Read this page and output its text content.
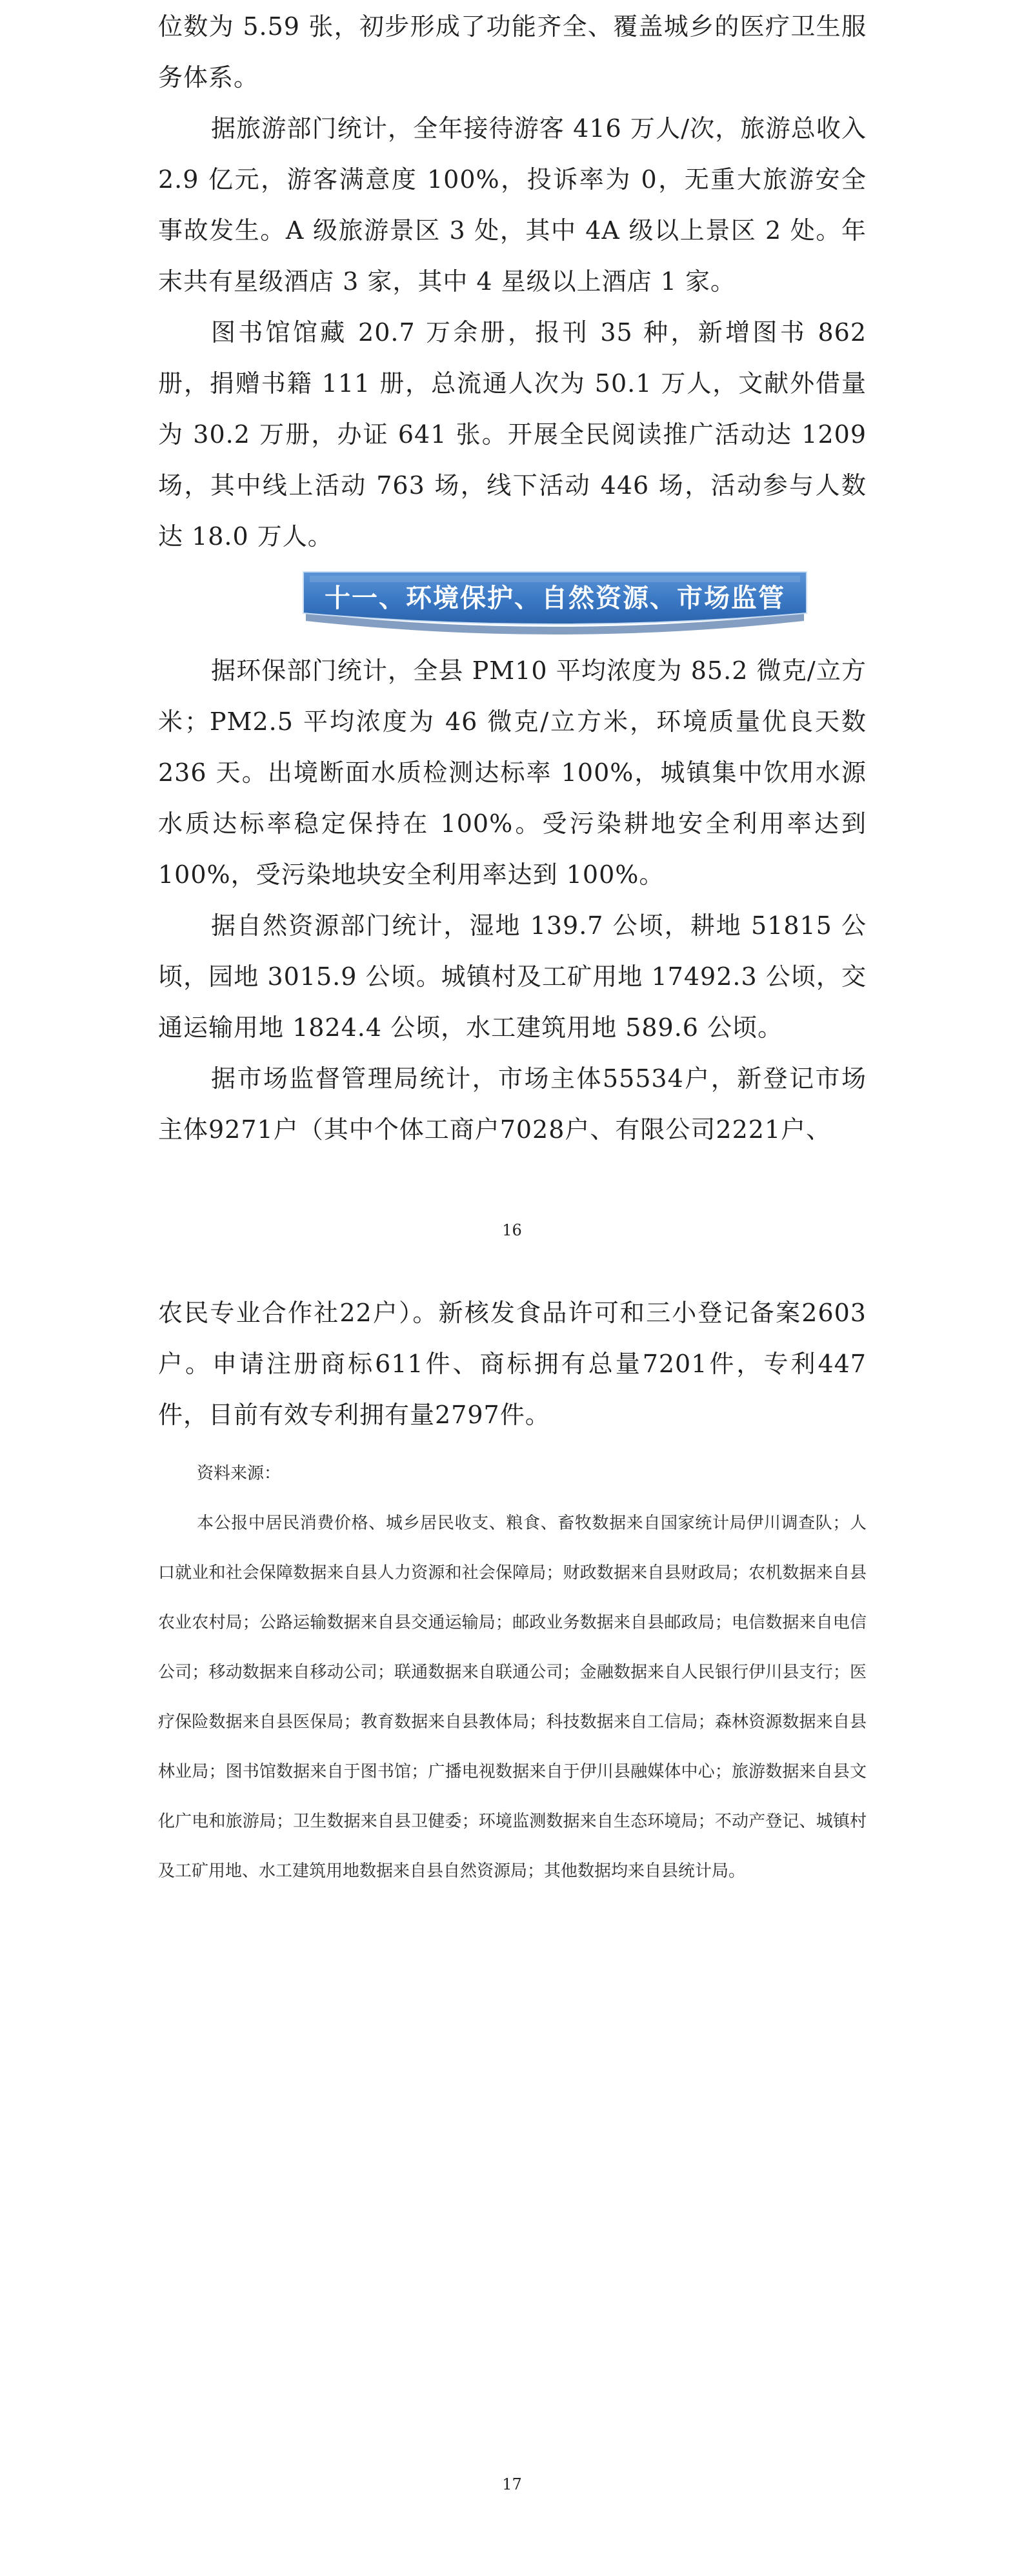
位数为 5.59 张，初步形成了功能齐全、覆盖城乡的医疗卫生服务体系。

据旅游部门统计，全年接待游客 416 万人/次，旅游总收入 2.9 亿元，游客满意度 100%，投诉率为 0，无重大旅游安全事故发生。A 级旅游景区 3 处，其中 4A 级以上景区 2 处。年末共有星级酒店 3 家，其中 4 星级以上酒店 1 家。

图书馆馆藏 20.7 万余册，报刊 35 种，新增图书 862 册，捐赠书籍 111 册，总流通人次为 50.1 万人，文献外借量为 30.2 万册，办证 641 张。开展全民阅读推广活动达 1209 场，其中线上活动 763 场，线下活动 446 场，活动参与人数达 18.0 万人。

十一、环境保护、自然资源、市场监管

据环保部门统计，全县 PM10 平均浓度为 85.2 微克/立方米；PM2.5 平均浓度为 46 微克/立方米，环境质量优良天数 236 天。出境断面水质检测达标率 100%，城镇集中饮用水源水质达标率稳定保持在 100%。受污染耕地安全利用率达到 100%，受污染地块安全利用率达到 100%。

据自然资源部门统计，湿地 139.7 公顷，耕地 51815 公顷，园地 3015.9 公顷。城镇村及工矿用地 17492.3 公顷，交通运输用地 1824.4 公顷，水工建筑用地 589.6 公顷。

据市场监督管理局统计，市场主体55534户，新登记市场主体9271户（其中个体工商户7028户、有限公司2221户、

16

农民专业合作社22户）。新核发食品许可和三小登记备案2603户。申请注册商标611件、商标拥有总量7201件，专利447件，目前有效专利拥有量2797件。

资料来源：

本公报中居民消费价格、城乡居民收支、粮食、畜牧数据来自国家统计局伊川调查队；人口就业和社会保障数据来自县人力资源和社会保障局；财政数据来自县财政局；农机数据来自县农业农村局；公路运输数据来自县交通运输局；邮政业务数据来自县邮政局；电信数据来自电信公司；移动数据来自移动公司；联通数据来自联通公司；金融数据来自人民银行伊川县支行；医疗保险数据来自县医保局；教育数据来自县教体局；科技数据来自工信局；森林资源数据来自县林业局；图书馆数据来自于图书馆；广播电视数据来自于伊川县融媒体中心；旅游数据来自县文化广电和旅游局；卫生数据来自县卫健委；环境监测数据来自生态环境局；不动产登记、城镇村及工矿用地、水工建筑用地数据来自县自然资源局；其他数据均来自县统计局。

17
